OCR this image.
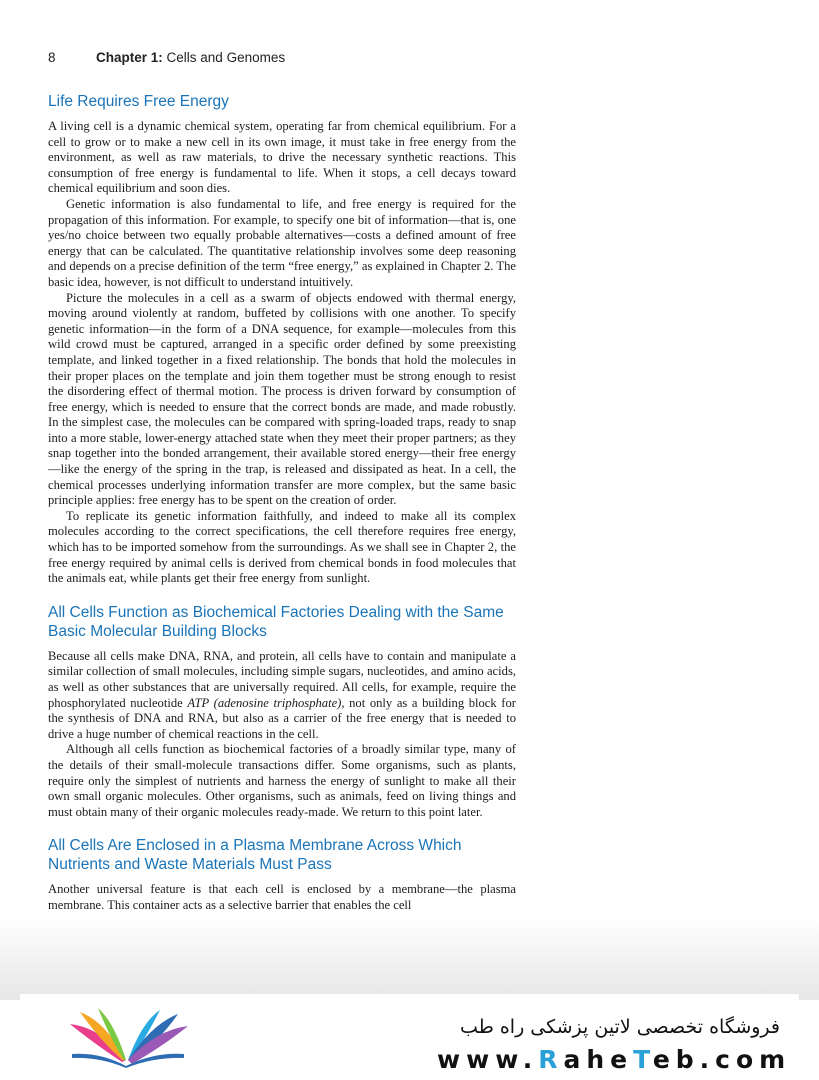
8	Chapter 1: Cells and Genomes
Life Requires Free Energy

A living cell is a dynamic chemical system, operating far from chemical equilibrium. For a cell to grow or to make a new cell in its own image, it must take in free energy from the environment, as well as raw materials, to drive the necessary synthetic reactions. This consumption of free energy is fundamental to life. When it stops, a cell decays toward chemical equilibrium and soon dies.

Genetic information is also fundamental to life, and free energy is required for the propagation of this information. For example, to specify one bit of information—that is, one yes/no choice between two equally probable alternatives—costs a defined amount of free energy that can be calculated. The quantitative relationship involves some deep reasoning and depends on a precise definition of the term “free energy,” as explained in Chapter 2. The basic idea, however, is not difficult to understand intuitively.

Picture the molecules in a cell as a swarm of objects endowed with thermal energy, moving around violently at random, buffeted by collisions with one another. To specify genetic information—in the form of a DNA sequence, for example—molecules from this wild crowd must be captured, arranged in a specific order defined by some preexisting template, and linked together in a fixed relationship. The bonds that hold the molecules in their proper places on the template and join them together must be strong enough to resist the disordering effect of thermal motion. The process is driven forward by consumption of free energy, which is needed to ensure that the correct bonds are made, and made robustly. In the simplest case, the molecules can be compared with spring-loaded traps, ready to snap into a more stable, lower-energy attached state when they meet their proper partners; as they snap together into the bonded arrangement, their available stored energy—their free energy—like the energy of the spring in the trap, is released and dissipated as heat. In a cell, the chemical processes underlying information transfer are more complex, but the same basic principle applies: free energy has to be spent on the creation of order.

To replicate its genetic information faithfully, and indeed to make all its complex molecules according to the correct specifications, the cell therefore requires free energy, which has to be imported somehow from the surroundings. As we shall see in Chapter 2, the free energy required by animal cells is derived from chemical bonds in food molecules that the animals eat, while plants get their free energy from sunlight.

All Cells Function as Biochemical Factories Dealing with the Same Basic Molecular Building Blocks

Because all cells make DNA, RNA, and protein, all cells have to contain and manipulate a similar collection of small molecules, including simple sugars, nucleotides, and amino acids, as well as other substances that are universally required. All cells, for example, require the phosphorylated nucleotide ATP (adenosine triphosphate), not only as a building block for the synthesis of DNA and RNA, but also as a carrier of the free energy that is needed to drive a huge number of chemical reactions in the cell.

Although all cells function as biochemical factories of a broadly similar type, many of the details of their small-molecule transactions differ. Some organisms, such as plants, require only the simplest of nutrients and harness the energy of sunlight to make all their own small organic molecules. Other organisms, such as animals, feed on living things and must obtain many of their organic molecules ready-made. We return to this point later.

All Cells Are Enclosed in a Plasma Membrane Across Which Nutrients and Waste Materials Must Pass

Another universal feature is that each cell is enclosed by a membrane—the plasma membrane. This container acts as a selective barrier that enables the cell

فروشگاه تخصصی لاتین پزشکی راه طب
www.RaheTeb.com
